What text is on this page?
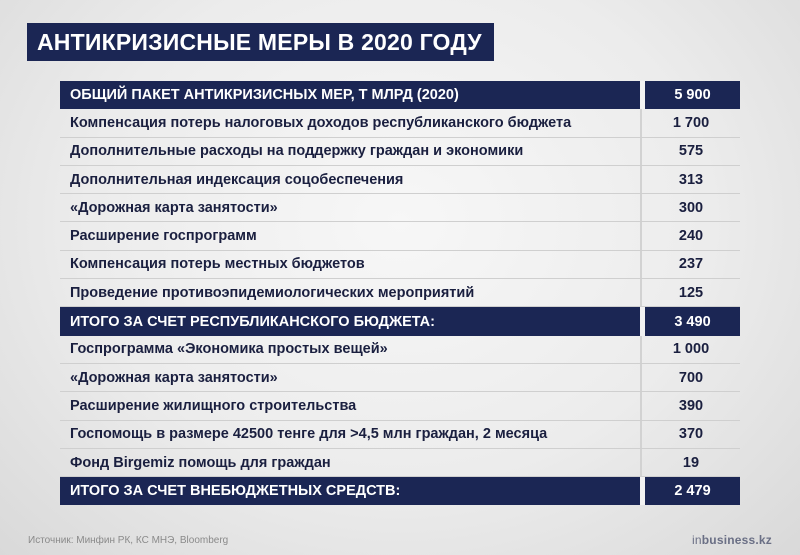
АНТИКРИЗИСНЫЕ МЕРЫ В 2020 ГОДУ
ОБЩИЙ ПАКЕТ АНТИКРИЗИСНЫХ МЕР, Т МЛРД (2020)	5 900
Компенсация потерь налоговых доходов республиканского бюджета	1 700
Дополнительные расходы на поддержку граждан и экономики	575
Дополнительная индексация соцобеспечения	313
«Дорожная карта занятости»	300
Расширение госпрограмм	240
Компенсация потерь местных бюджетов	237
Проведение противоэпидемиологических мероприятий	125
ИТОГО ЗА СЧЕТ РЕСПУБЛИКАНСКОГО БЮДЖЕТА:	3 490
Госпрограмма «Экономика простых вещей»	1 000
«Дорожная карта занятости»	700
Расширение жилищного строительства	390
Госпомощь в размере 42500 тенге для >4,5 млн граждан, 2 месяца	370
Фонд Birgemiz помощь для граждан	19
ИТОГО ЗА СЧЕТ ВНЕБЮДЖЕТНЫХ СРЕДСТВ:	2 479
Источник: Минфин РК, КС МНЭ, Bloomberg	inbusiness.kz
